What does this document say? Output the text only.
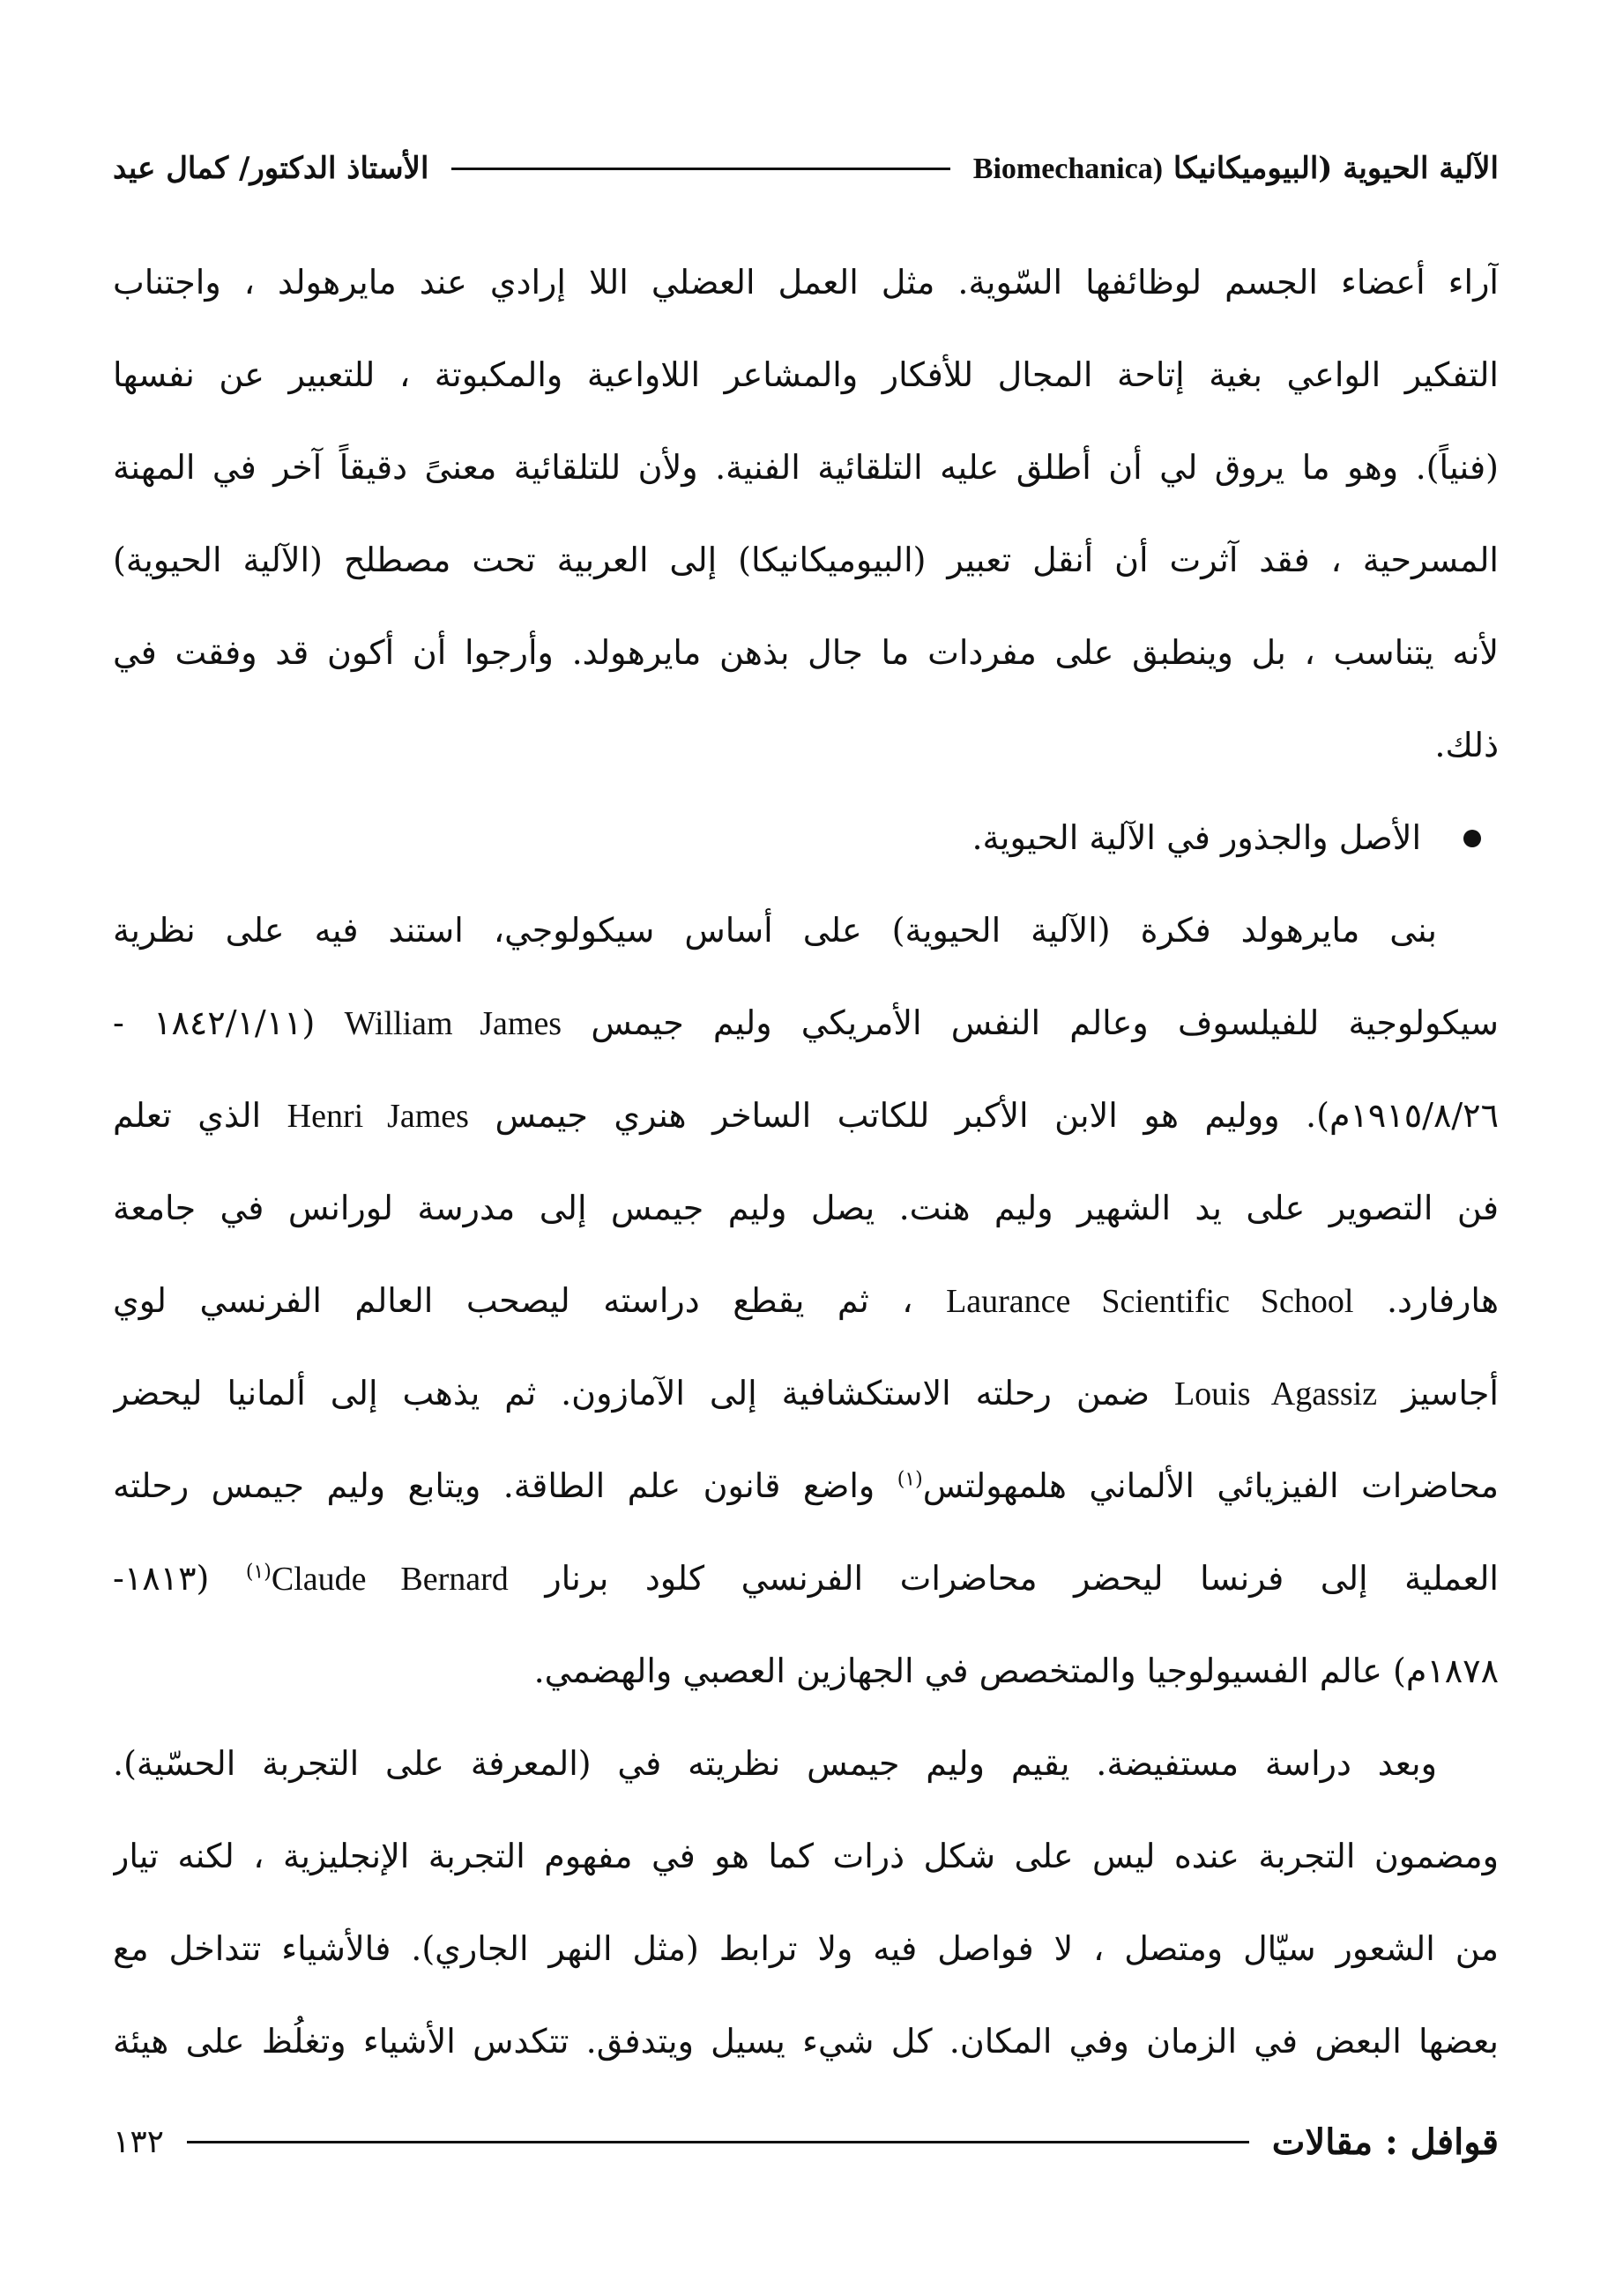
الآلية الحيوية (البيوميكانيكا Biomechanica)
الأستاذ الدكتور/ كمال عيد
آراء أعضاء الجسم لوظائفها السّوية. مثل العمل العضلي اللا إرادي عند مايرهولد ، واجتناب
التفكير الواعي بغية إتاحة المجال للأفكار والمشاعر اللاواعية والمكبوتة ، للتعبير عن نفسها
(فنياً). وهو ما يروق لي أن أطلق عليه التلقائية الفنية. ولأن للتلقائية معنىً دقيقاً آخر في المهنة
المسرحية ، فقد آثرت أن أنقل تعبير (البيوميكانيكا) إلى العربية تحت مصطلح (الآلية الحيوية)
لأنه يتناسب ، بل وينطبق على مفردات ما جال بذهن مايرهولد. وأرجوا أن أكون قد وفقت في
ذلك.
الأصل والجذور في الآلية الحيوية.
بنى مايرهولد فكرة (الآلية الحيوية) على أساس سيكولوجي، استند فيه على نظرية
سيكولوجية للفيلسوف وعالم النفس الأمريكي وليم جيمس William James (١٨٤٢/١/١١ -
١٩١٥/٨/٢٦م). ووليم هو الابن الأكبر للكاتب الساخر هنري جيمس Henri James الذي تعلم
فن التصوير على يد الشهير وليم هنت. يصل وليم جيمس إلى مدرسة لورانس في جامعة
هارفارد. Laurance Scientific School ، ثم يقطع دراسته ليصحب العالم الفرنسي لوي
أجاسيز Louis Agassiz ضمن رحلته الاستكشافية إلى الآمازون. ثم يذهب إلى ألمانيا ليحضر
محاضرات الفيزيائي الألماني هلمهولتس$^{(١)}$ واضع قانون علم الطاقة. ويتابع وليم جيمس رحلته
العملية إلى فرنسا ليحضر محاضرات الفرنسي كلود برنار Claude Bernard$^{(١)}$ (١٨١٣-
١٨٧٨م) عالم الفسيولوجيا والمتخصص في الجهازين العصبي والهضمي.
وبعد دراسة مستفيضة. يقيم وليم جيمس نظريته في (المعرفة على التجربة الحسّية).
ومضمون التجربة عنده ليس على شكل ذرات كما هو في مفهوم التجربة الإنجليزية ، لكنه تيار
من الشعور سيّال ومتصل ، لا فواصل فيه ولا ترابط (مثل النهر الجاري). فالأشياء تتداخل مع
بعضها البعض في الزمان وفي المكان. كل شيء يسيل ويتدفق. تتكدس الأشياء وتغلُظ على هيئة
قوافل : مقالات
١٣٢
